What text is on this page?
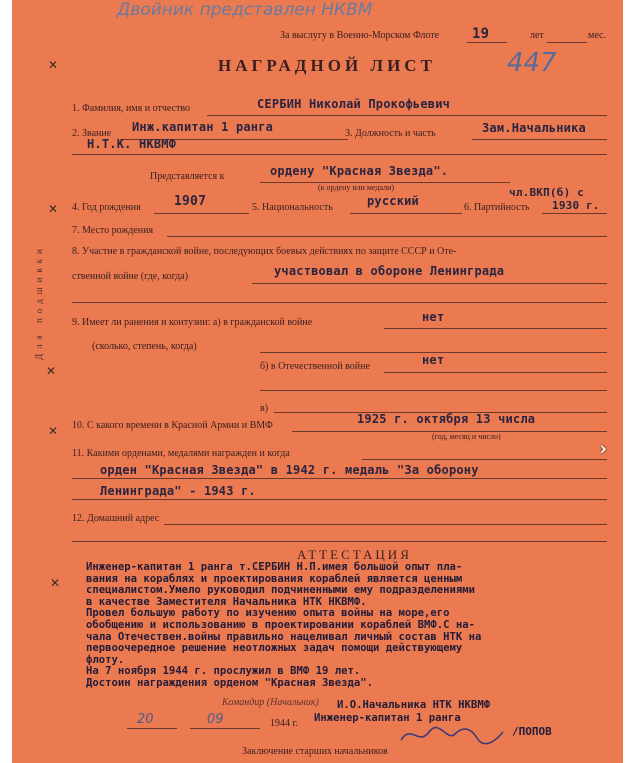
Двойник представлен НКВМ
За выслугу в Военно-Морском Флоте 19	лет	мес.
НАГРАДНОЙ ЛИСТ	447
1. Фамилия, имя и отчество	СЕРБИН Николай Прокофьевич
2. Звание Инж.капитан 1 ранга	3. Должность и часть	Зам.Начальника
Н.Т.К. НКВМФ
Представляется к	ордену "Красная Звезда".
(к ордену или медали)
4. Год рождения	1907	5. Национальность	русский	6. Партийность
чл.ВКП(б) с
1930 г.
7. Место рождения
8. Участие в гражданской войне, последующих боевых действиях по защите СССР и Оте-
ственной войне (где, когда)	участвовал в обороне Ленинграда
9. Имеет ли ранения и контузии: а) в гражданской войне	нет
(сколько, степень, когда)
б) в Отечественной войне	нет
в)
10. С какого времени в Красной Армии и ВМФ	1925 г. октября 13 числа
(год, месяц и число)
11. Какими орденами, медалями награжден и когда
орден "Красная Звезда" в 1942 г. медаль "За оборону
Ленинграда" - 1943 г.
12. Домашний адрес
АТТЕСТАЦИЯ
Инженер-капитан 1 ранга т.СЕРБИН Н.П.имея большой опыт пла-
вания на кораблях и проектирования кораблей является ценным
специалистом.Умело руководил подчиненными ему подразделениями
в качестве Заместителя Начальника НТК НКВМФ.
Провел большую работу по изучению опыта войны на море,его
обобщению и использованию в проектировании кораблей ВМФ.С на-
чала Отечествен.войны правильно нацеливал личный состав НТК на
первоочередное решение неотложных задач помощи действующему
флоту.
На 7 ноября 1944 г. прослужил в ВМФ 19 лет.
Достоин награждения орденом "Красная Звезда".
Командир (Начальник) И.О.Начальника НТК НКВМФ
20	09	1944 г. Инженер-капитан 1 ранга
/ПОПОВ
Заключение старших начальников
Для подшивки
✕
✕
✕
✕
✕
›
